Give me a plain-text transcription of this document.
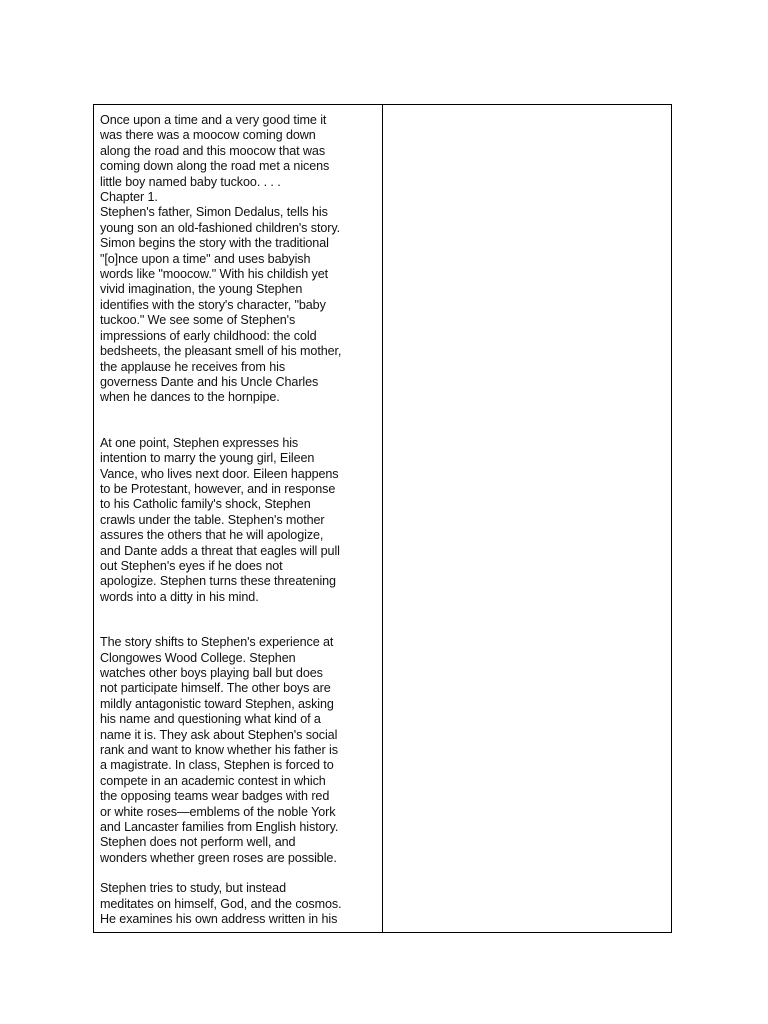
Once upon a time and a very good time it
was there was a moocow coming down
along the road and this moocow that was
coming down along the road met a nicens
little boy named baby tuckoo. . . .
Chapter 1.
Stephen's father, Simon Dedalus, tells his
young son an old-fashioned children's story.
Simon begins the story with the traditional
"[o]nce upon a time" and uses babyish
words like "moocow." With his childish yet
vivid imagination, the young Stephen
identifies with the story's character, "baby
tuckoo." We see some of Stephen's
impressions of early childhood: the cold
bedsheets, the pleasant smell of his mother,
the applause he receives from his
governess Dante and his Uncle Charles
when he dances to the hornpipe.

At one point, Stephen expresses his
intention to marry the young girl, Eileen
Vance, who lives next door. Eileen happens
to be Protestant, however, and in response
to his Catholic family's shock, Stephen
crawls under the table. Stephen's mother
assures the others that he will apologize,
and Dante adds a threat that eagles will pull
out Stephen's eyes if he does not
apologize. Stephen turns these threatening
words into a ditty in his mind.

The story shifts to Stephen's experience at
Clongowes Wood College. Stephen
watches other boys playing ball but does
not participate himself. The other boys are
mildly antagonistic toward Stephen, asking
his name and questioning what kind of a
name it is. They ask about Stephen's social
rank and want to know whether his father is
a magistrate. In class, Stephen is forced to
compete in an academic contest in which
the opposing teams wear badges with red
or white roses—emblems of the noble York
and Lancaster families from English history.
Stephen does not perform well, and
wonders whether green roses are possible.

Stephen tries to study, but instead
meditates on himself, God, and the cosmos.
He examines his own address written in his
